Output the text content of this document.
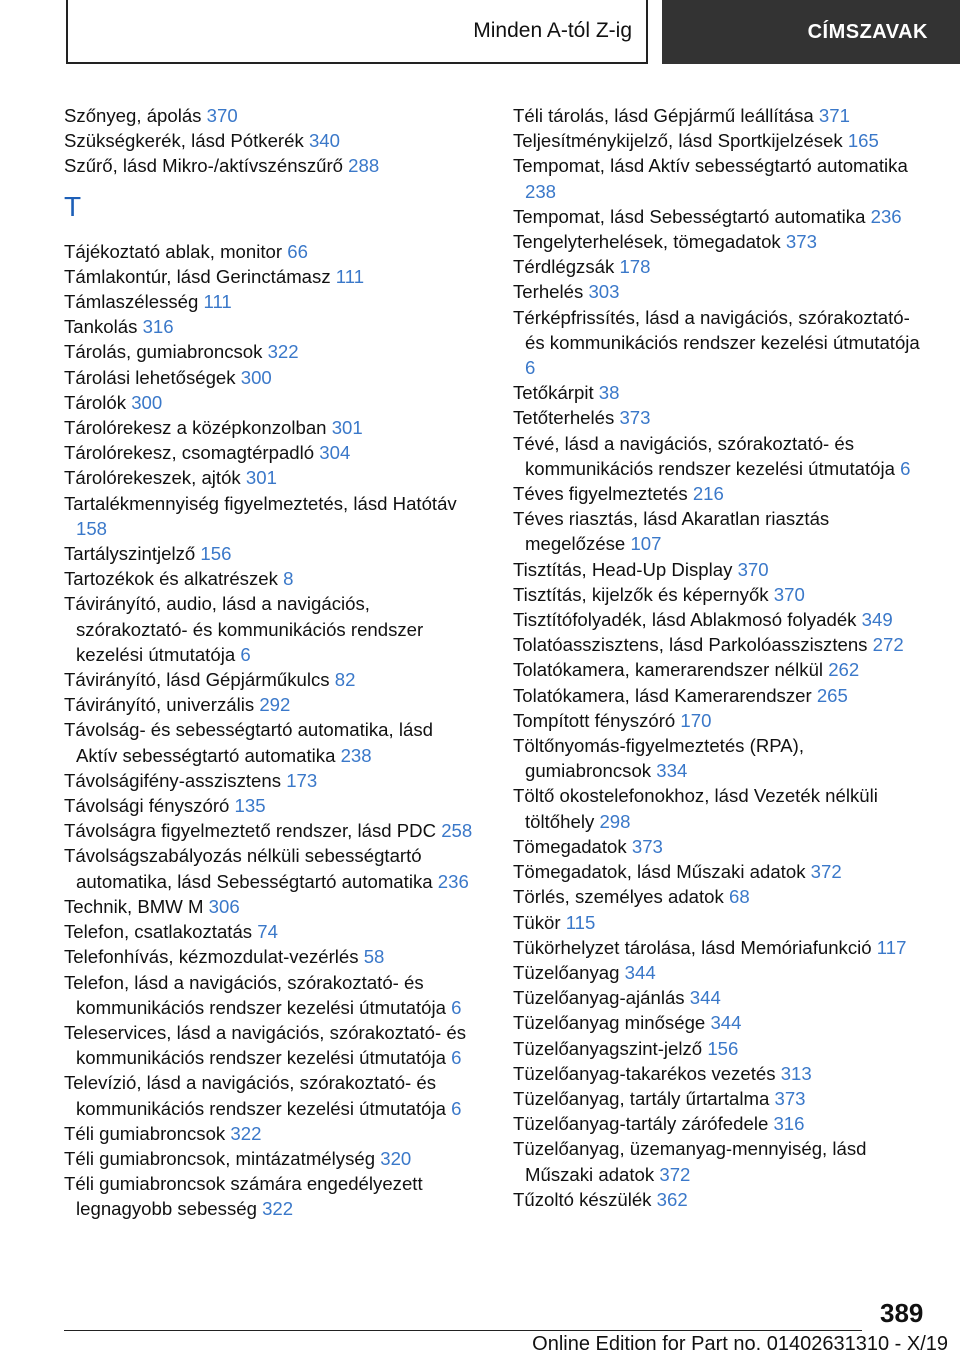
Minden A-tól Z-ig	CÍMSZAVAK

Szőnyeg, ápolás 370

Szükségkerék, lásd Pótkerék 340

Szűrő, lásd Mikro-/aktívszénszűrő 288

T

Tájékoztató ablak, monitor 66

Támlakontúr, lásd Gerinctámasz 111

Támlaszélesség 111

Tankolás 316

Tárolás, gumiabroncsok 322

Tárolási lehetőségek 300

Tárolók 300

Tárolórekesz a középkonzolban 301

Tárolórekesz, csomagtérpadló 304

Tárolórekeszek, ajtók 301

Tartalékmennyiség figyelmeztetés, lásd Hatótáv 158

Tartályszintjelző 156

Tartozékok és alkatrészek 8

Távirányító, audio, lásd a navigációs, szórakoztató- és kommunikációs rendszer kezelési útmutatója 6

Távirányító, lásd Gépjárműkulcs 82

Távirányító, univerzális 292

Távolság- és sebességtartó automatika, lásd Aktív sebességtartó automatika 238

Távolságifény-asszisztens 173

Távolsági fényszóró 135

Távolságra figyelmeztető rendszer, lásd PDC 258

Távolságszabályozás nélküli sebességtartó automatika, lásd Sebességtartó automatika 236

Technik, BMW M 306

Telefon, csatlakoztatás 74

Telefonhívás, kézmozdulat-vezérlés 58

Telefon, lásd a navigációs, szórakoztató- és kommunikációs rendszer kezelési útmutatója 6

Teleservices, lásd a navigációs, szórakoztató- és kommunikációs rendszer kezelési útmutatója 6

Televízió, lásd a navigációs, szórakoztató- és kommunikációs rendszer kezelési útmutatója 6

Téli gumiabroncsok 322

Téli gumiabroncsok, mintázatmélység 320

Téli gumiabroncsok számára engedélyezett legnagyobb sebesség 322

Téli tárolás, lásd Gépjármű leállítása 371

Teljesítménykijelző, lásd Sportkijelzések 165

Tempomat, lásd Aktív sebességtartó automatika 238

Tempomat, lásd Sebességtartó automatika 236

Tengelyterhelések, tömegadatok 373

Térdlégzsák 178

Terhelés 303

Térképfrissítés, lásd a navigációs, szórakoztató- és kommunikációs rendszer kezelési útmutatója 6

Tetőkárpit 38

Tetőterhelés 373

Tévé, lásd a navigációs, szórakoztató- és kommunikációs rendszer kezelési útmutatója 6

Téves figyelmeztetés 216

Téves riasztás, lásd Akaratlan riasztás megelőzése 107

Tisztítás, Head-Up Display 370

Tisztítás, kijelzők és képernyők 370

Tisztítófolyadék, lásd Ablakmosó folyadék 349

Tolatóasszisztens, lásd Parkolóasszisztens 272

Tolatókamera, kamerarendszer nélkül 262

Tolatókamera, lásd Kamerarendszer 265

Tompított fényszóró 170

Töltőnyomás-figyelmeztetés (RPA), gumiabroncsok 334

Töltő okostelefonokhoz, lásd Vezeték nélküli töltőhely 298

Tömegadatok 373

Tömegadatok, lásd Műszaki adatok 372

Törlés, személyes adatok 68

Tükör 115

Tükörhelyzet tárolása, lásd Memóriafunkció 117

Tüzelőanyag 344

Tüzelőanyag-ajánlás 344

Tüzelőanyag minősége 344

Tüzelőanyagszint-jelző 156

Tüzelőanyag-takarékos vezetés 313

Tüzelőanyag, tartály űrtartalma 373

Tüzelőanyag-tartály zárófedele 316

Tüzelőanyag, üzemanyag-mennyiség, lásd Műszaki adatok 372

Tűzoltó készülék 362

389
Online Edition for Part no. 01402631310 - X/19
